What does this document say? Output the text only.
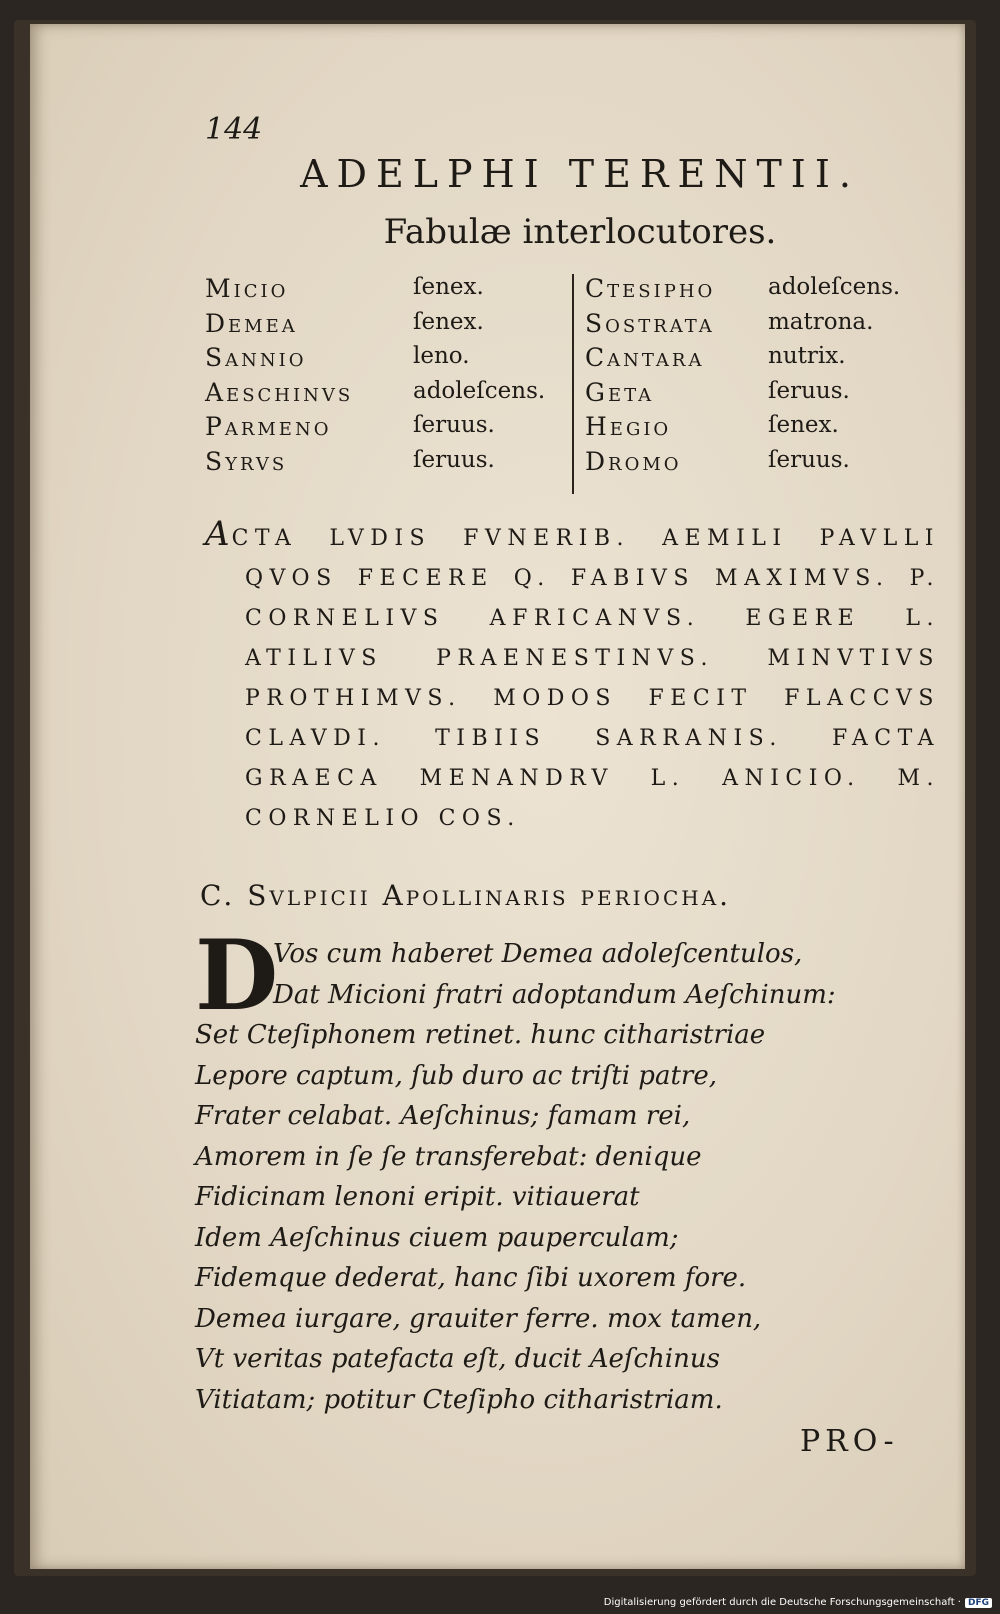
144
ADELPHI TERENTII.
Fabulæ interlocutores.
Micio	ſenex.
Demea	ſenex.
Sannio	leno.
Aeschinvs	adoleſcens.
Parmeno	ſeruus.
Syrvs	ſeruus.
Ctesipho adoleſcens.
Sostrata matrona.
Cantara	nutrix.
Geta	ſeruus.
Hegio	ſenex.
Dromo	ſeruus.

ACTA LVDIS FVNERIB. AEMILI PAVLLI QVOS FECERE Q. FABIVS MAXIMVS. P. CORNELIVS AFRICANVS. EGERE L. ATILIVS PRAENESTINVS. MINVTIVS PROTHIMVS. MODOS FECIT FLACCVS CLAVDI. TIBIIS SARRANIS. FACTA GRAECA MENANDRV L. ANICIO. M. CORNELIO COS.

C. Svlpicii Apollinaris periocha.
D
Vos cum haberet Demea adoleſcentulos,
Dat Micioni fratri adoptandum Aeſchinum:
Set Cteſiphonem retinet. hunc citharistriae
Lepore captum, ſub duro ac triſti patre,
Frater celabat. Aeſchinus; famam rei,
Amorem in ſe ſe transferebat: denique
Fidicinam lenoni eripit. vitiauerat
Idem Aeſchinus ciuem pauperculam;
Fidemque dederat, hanc ſibi uxorem fore.
Demea iurgare, grauiter ferre. mox tamen,
Vt veritas patefacta eſt, ducit Aeſchinus
Vitiatam; potitur Cteſipho citharistriam.
PRO-
Digitalisierung gefördert durch die Deutsche Forschungsgemeinschaft · DFG
